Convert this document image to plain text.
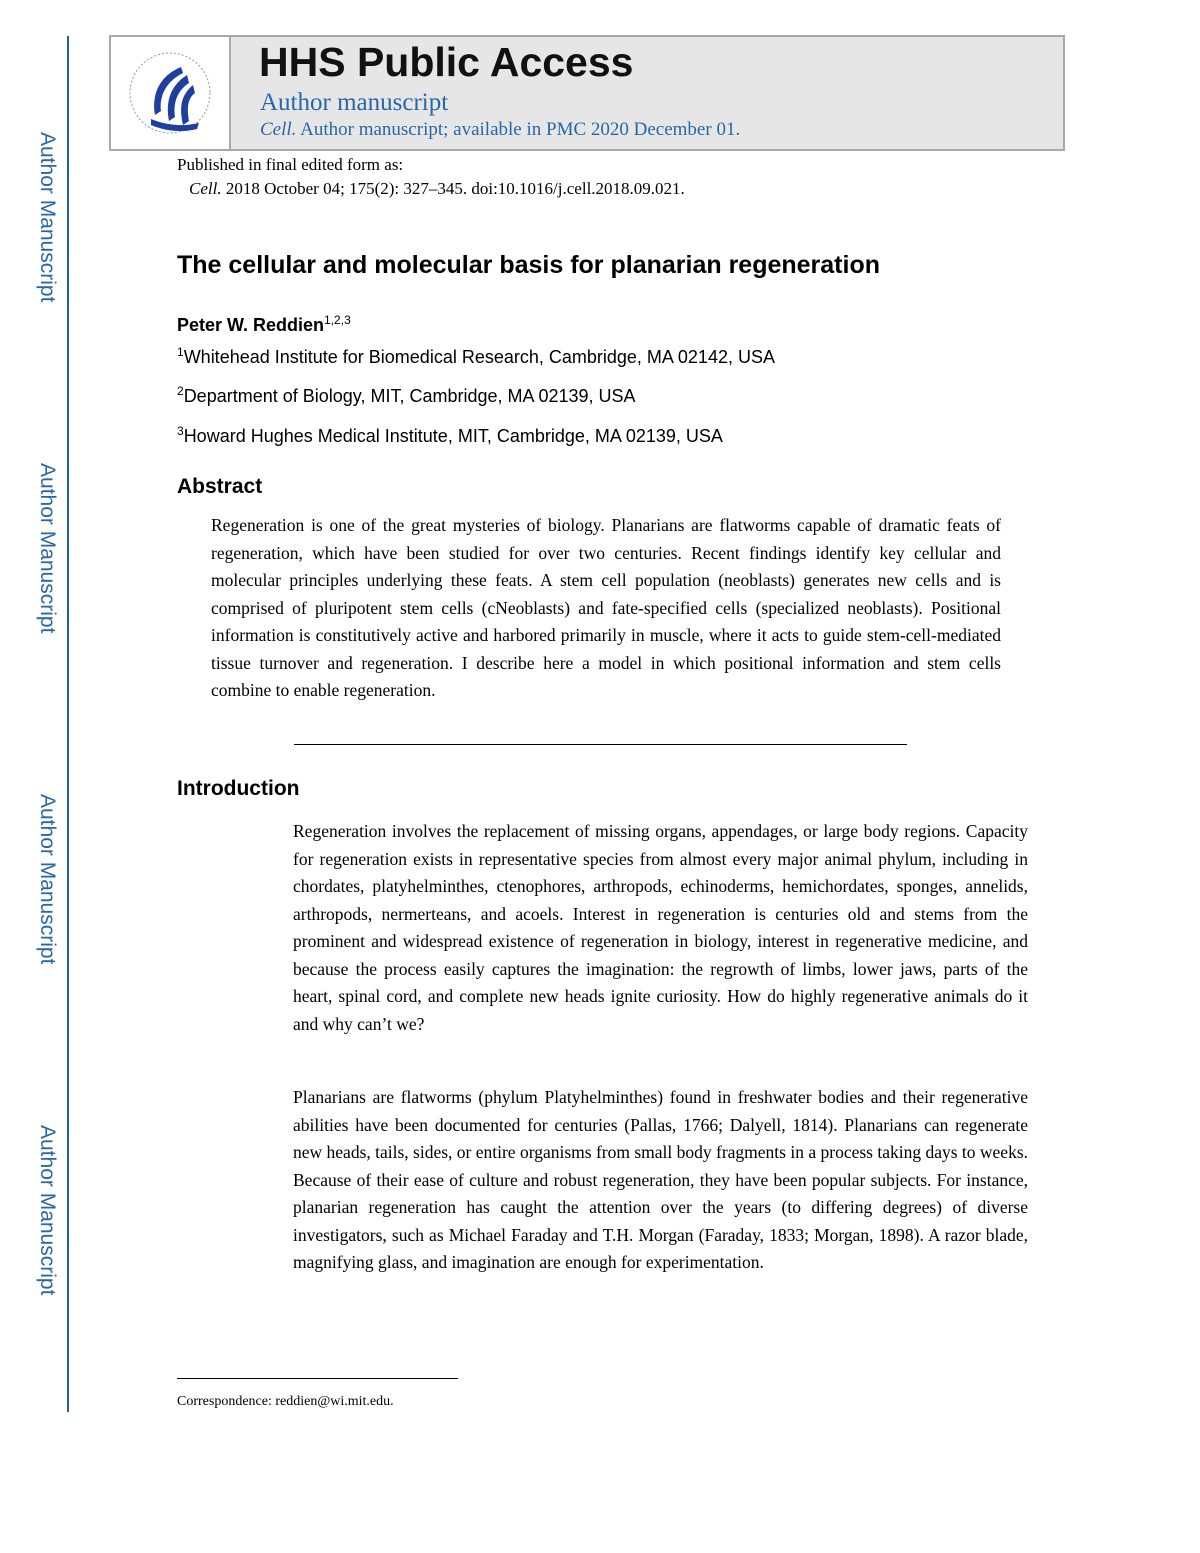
Author Manuscript
Author Manuscript
Author Manuscript
Author Manuscript
HHS Public Access
Author manuscript
Cell. Author manuscript; available in PMC 2020 December 01.
Published in final edited form as:
Cell. 2018 October 04; 175(2): 327–345. doi:10.1016/j.cell.2018.09.021.
The cellular and molecular basis for planarian regeneration
Peter W. Reddien$^{1,2,3}$
$^1$Whitehead Institute for Biomedical Research, Cambridge, MA 02142, USA
$^2$Department of Biology, MIT, Cambridge, MA 02139, USA
$^3$Howard Hughes Medical Institute, MIT, Cambridge, MA 02139, USA
Abstract
Regeneration is one of the great mysteries of biology. Planarians are flatworms capable of dramatic feats of regeneration, which have been studied for over two centuries. Recent findings identify key cellular and molecular principles underlying these feats. A stem cell population (neoblasts) generates new cells and is comprised of pluripotent stem cells (cNeoblasts) and fate-specified cells (specialized neoblasts). Positional information is constitutively active and harbored primarily in muscle, where it acts to guide stem-cell-mediated tissue turnover and regeneration. I describe here a model in which positional information and stem cells combine to enable regeneration.
Introduction
Regeneration involves the replacement of missing organs, appendages, or large body regions. Capacity for regeneration exists in representative species from almost every major animal phylum, including in chordates, platyhelminthes, ctenophores, arthropods, echinoderms, hemichordates, sponges, annelids, arthropods, nermerteans, and acoels. Interest in regeneration is centuries old and stems from the prominent and widespread existence of regeneration in biology, interest in regenerative medicine, and because the process easily captures the imagination: the regrowth of limbs, lower jaws, parts of the heart, spinal cord, and complete new heads ignite curiosity. How do highly regenerative animals do it and why can’t we?
Planarians are flatworms (phylum Platyhelminthes) found in freshwater bodies and their regenerative abilities have been documented for centuries (Pallas, 1766; Dalyell, 1814). Planarians can regenerate new heads, tails, sides, or entire organisms from small body fragments in a process taking days to weeks. Because of their ease of culture and robust regeneration, they have been popular subjects. For instance, planarian regeneration has caught the attention over the years (to differing degrees) of diverse investigators, such as Michael Faraday and T.H. Morgan (Faraday, 1833; Morgan, 1898). A razor blade, magnifying glass, and imagination are enough for experimentation.
Correspondence: reddien@wi.mit.edu.
